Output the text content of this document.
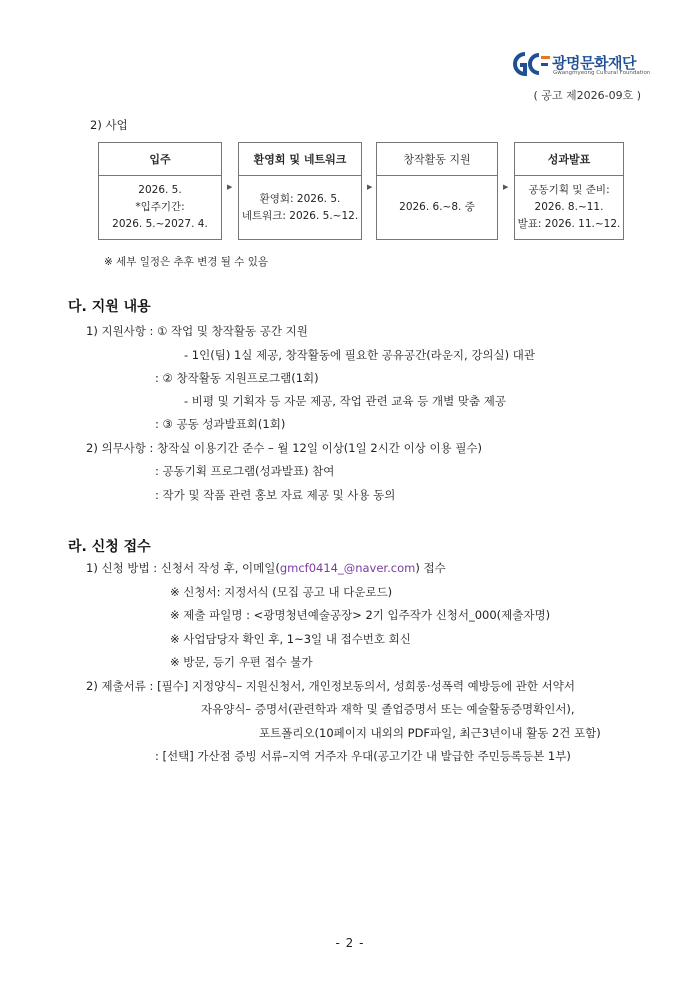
광명문화재단
Gwangmyeong Cultural Foundation
( 공고 제2026-09호 )
2) 사업
입주
2026. 5.
*입주기간:
2026. 5.~2027. 4.
▶
환영회 및 네트워크
환영회: 2026. 5.
네트워크: 2026. 5.~12.
▶
창작활동 지원
2026. 6.~8. 중
▶
성과발표
공동기획 및 준비:
2026. 8.~11.
발표: 2026. 11.~12.
※ 세부 일정은 추후 변경 될 수 있음
다. 지원 내용
1) 지원사항 : ① 작업 및 창작활동 공간 지원
- 1인(팀) 1실 제공, 창작활동에 필요한 공유공간(라운지, 강의실) 대관
: ② 창작활동 지원프로그램(1회)
- 비평 및 기획자 등 자문 제공, 작업 관련 교육 등 개별 맞춤 제공
: ③ 공동 성과발표회(1회)
2) 의무사항 : 창작실 이용기간 준수 – 월 12일 이상(1일 2시간 이상 이용 필수)
: 공동기획 프로그램(성과발표) 참여
: 작가 및 작품 관련 홍보 자료 제공 및 사용 동의
라. 신청 접수
1) 신청 방법 : 신청서 작성 후, 이메일(gmcf0414_@naver.com) 접수
※ 신청서: 지정서식 (모집 공고 내 다운로드)
※ 제출 파일명 : <광명청년예술공장> 2기 입주작가 신청서_000(제출자명)
※ 사업담당자 확인 후, 1~3일 내 접수번호 회신
※ 방문, 등기 우편 접수 불가
2) 제출서류 : [필수] 지정양식– 지원신청서, 개인정보동의서, 성희롱·성폭력 예방등에 관한 서약서
자유양식– 증명서(관련학과 재학 및 졸업증명서 또는 예술활동증명확인서),
포트폴리오(10페이지 내외의 PDF파일, 최근3년이내 활동 2건 포함)
: [선택] 가산점 증빙 서류–지역 거주자 우대(공고기간 내 발급한 주민등록등본 1부)
- 2 -
